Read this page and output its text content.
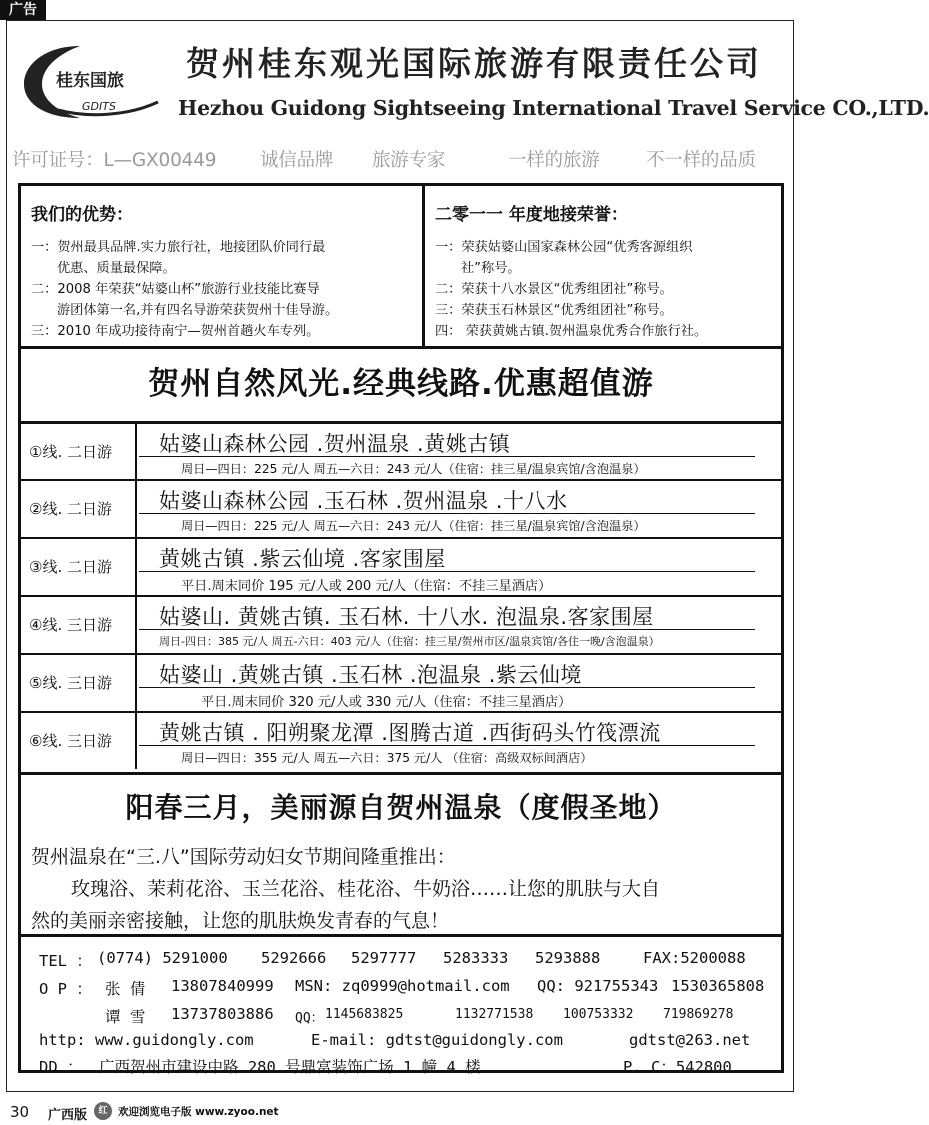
广告
桂东国旅
GDITS
贺州桂东观光国际旅游有限责任公司
Hezhou Guidong Sightseeing International Travel Service CO.,LTD.
许可证号：L—GX00449 诚信品牌 旅游专家	一样的旅游	不一样的品质
我们的优势：
一：贺州最具品牌.实力旅行社，地接团队价同行最
优惠、质量最保障。
二：2008 年荣获“姑婆山杯”旅游行业技能比赛导
游团体第一名,并有四名导游荣获贺州十佳导游。
三：2010 年成功接待南宁—贺州首趟火车专列。
二零一一 年度地接荣誉：
一：荣获姑婆山国家森林公园“优秀客源组织
社”称号。
二：荣获十八水景区“优秀组团社”称号。
三：荣获玉石林景区“优秀组团社”称号。
四： 荣获黄姚古镇.贺州温泉优秀合作旅行社。
贺州自然风光.经典线路.优惠超值游
①线. 二日游	姑婆山森林公园 .贺州温泉 .黄姚古镇
周日—四日：225 元/人 周五—六日：243 元/人（住宿：挂三星/温泉宾馆/含泡温泉）
②线. 二日游	姑婆山森林公园 .玉石林 .贺州温泉 .十八水
周日—四日：225 元/人 周五—六日：243 元/人（住宿：挂三星/温泉宾馆/含泡温泉）
③线. 二日游	黄姚古镇 .紫云仙境 .客家围屋
平日.周末同价 195 元/人或 200 元/人（住宿：不挂三星酒店）
④线. 三日游	姑婆山. 黄姚古镇. 玉石林. 十八水. 泡温泉.客家围屋
周日-四日：385 元/人 周五-六日：403 元/人（住宿：挂三星/贺州市区/温泉宾馆/各住一晚/含泡温泉）
⑤线. 三日游	姑婆山 .黄姚古镇 .玉石林 .泡温泉 .紫云仙境
平日.周末同价 320 元/人或 330 元/人（住宿：不挂三星酒店）
⑥线. 三日游	黄姚古镇 . 阳朔聚龙潭 .图腾古道 .西街码头竹筏漂流
周日—四日：355 元/人 周五—六日：375 元/人 （住宿：高级双标间酒店）
阳春三月，美丽源自贺州温泉（度假圣地）

贺州温泉在“三.八”国际劳动妇女节期间隆重推出：

玫瑰浴、茉莉花浴、玉兰花浴、桂花浴、牛奶浴……让您的肌肤与大自

然的美丽亲密接触，让您的肌肤焕发青春的气息！

TEL ： (0774) 5291000 5292666 5297777 5283333 5293888	FAX:5200088
O P ： 张 倩 13807840999 MSN: zq0999@hotmail.com QQ: 921755343 1530365808
谭 雪 13737803886 QQ： 1145683825	1132771538 100753332 719869278
http: www.guidongly.com	E-mail: gdtst@guidongly.com	gdtst@263.net
DD ： 广西贺州市建设中路 280 号鼎富装饰广场 1 幢 4 楼	P. C：542800
30 广西版	红	欢迎浏览电子版 www.zyoo.net
